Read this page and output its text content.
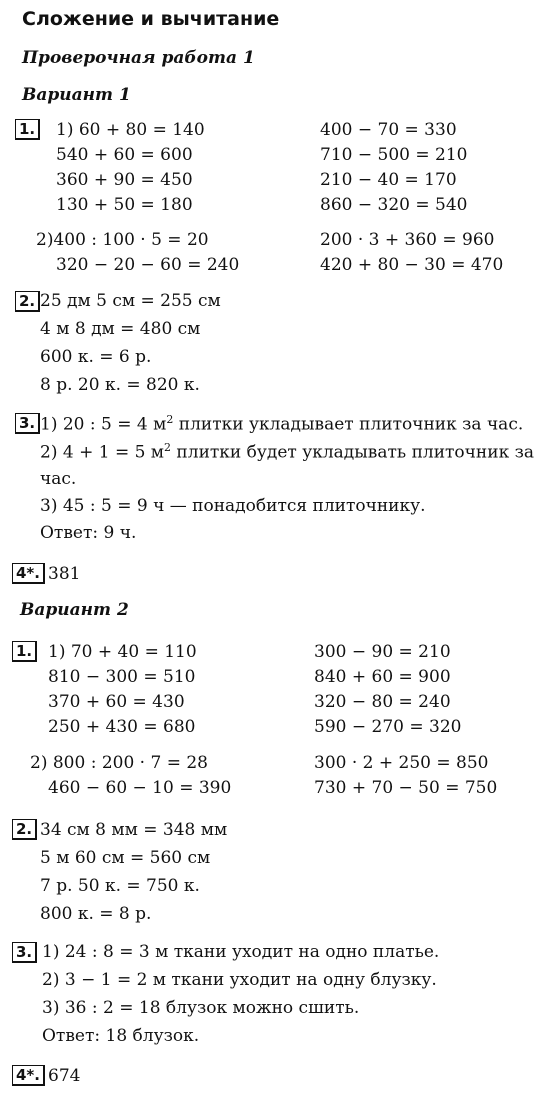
Сложение и вычитание
Проверочная работа 1
Вариант 1
1. 1) 60 + 80 = 140
540 + 60 = 600
360 + 90 = 450
130 + 50 = 180
400 − 70 = 330
710 − 500 = 210
210 − 40 = 170
860 − 320 = 540
2)400 : 100 · 5 = 20
320 − 20 − 60 = 240
200 · 3 + 360 = 960
420 + 80 − 30 = 470
2. 25 дм 5 см = 255 см
4 м 8 дм = 480 см
600 к. = 6 р.
8 р. 20 к. = 820 к.
3. 1) 20 : 5 = 4 $м^2$ плитки укладывает плиточник за час.
2) 4 + 1 = 5 $м^2$ плитки будет укладывать плиточник за
час.
3) 45 : 5 = 9 ч — понадобится плиточнику.
Ответ: 9 ч.
4*. 381
Вариант 2
1. 1) 70 + 40 = 110
810 − 300 = 510
370 + 60 = 430
250 + 430 = 680
300 − 90 = 210
840 + 60 = 900
320 − 80 = 240
590 − 270 = 320
2) 800 : 200 · 7 = 28
460 − 60 − 10 = 390
300 · 2 + 250 = 850
730 + 70 − 50 = 750
2. 34 см 8 мм = 348 мм
5 м 60 см = 560 см
7 р. 50 к. = 750 к.
800 к. = 8 р.
3. 1) 24 : 8 = 3 м ткани уходит на одно платье.
2) 3 − 1 = 2 м ткани уходит на одну блузку.
3) 36 : 2 = 18 блузок можно сшить.
Ответ: 18 блузок.
4*. 674
